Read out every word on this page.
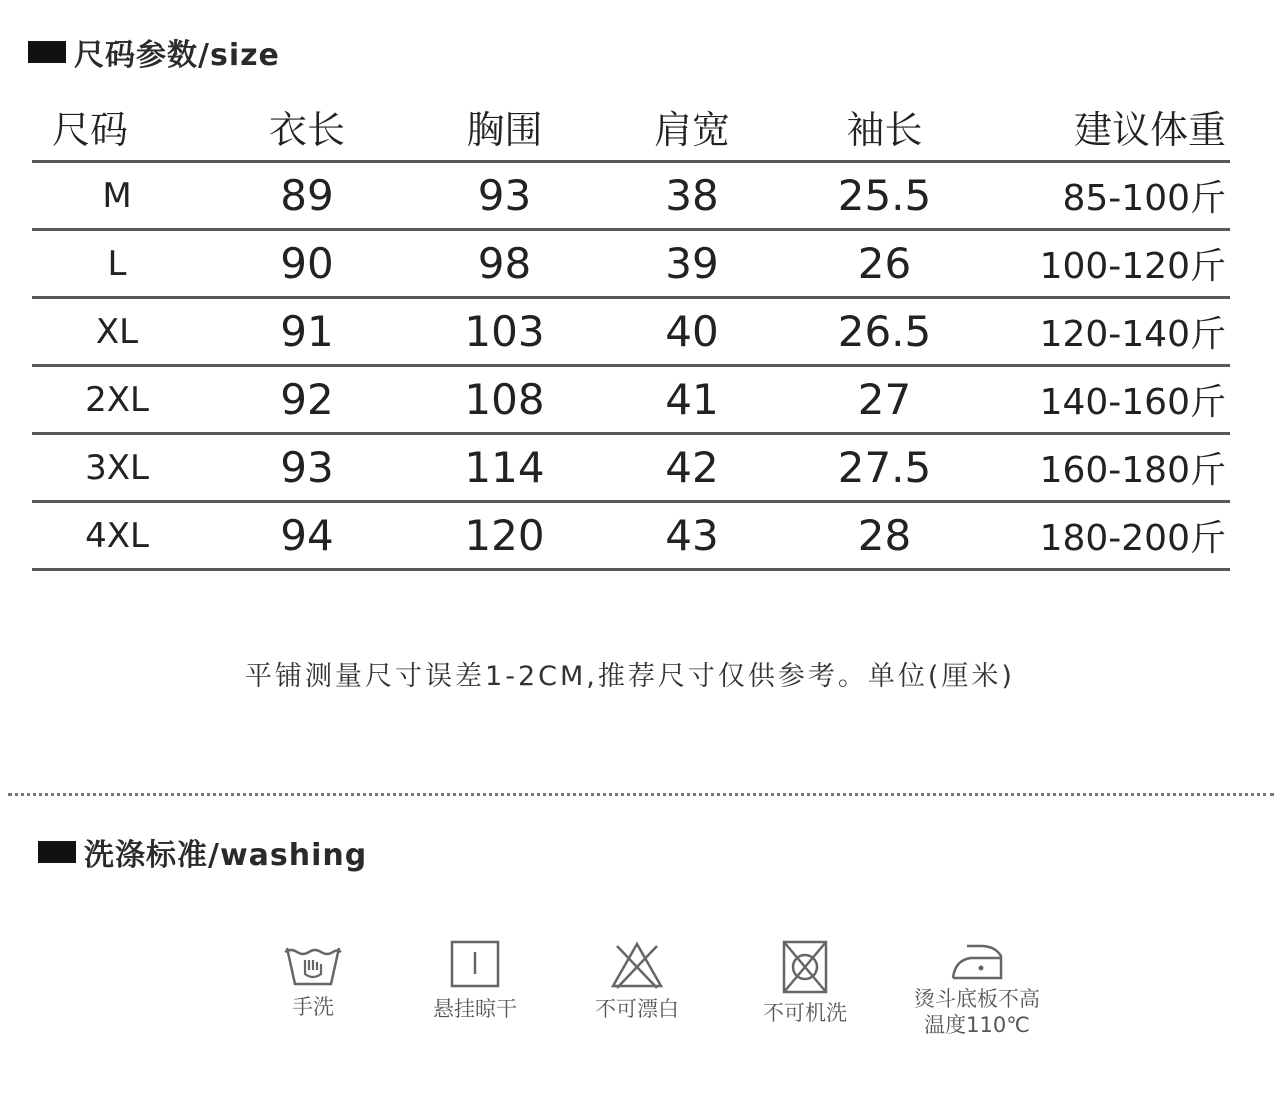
尺码参数/size
尺码	衣长	胸围	肩宽	袖长	建议体重
M	89	93	38	25.5	85-100斤
L	90	98	39	26	100-120斤
XL	91	103	40	26.5	120-140斤
2XL	92	108	41	27	140-160斤
3XL	93	114	42	27.5	160-180斤
4XL	94	120	43	28	180-200斤
平铺测量尺寸误差1-2CM,推荐尺寸仅供参考。单位(厘米)
洗涤标准/washing
手洗	悬挂晾干	不可漂白	不可机洗
烫斗底板不高
温度110℃
